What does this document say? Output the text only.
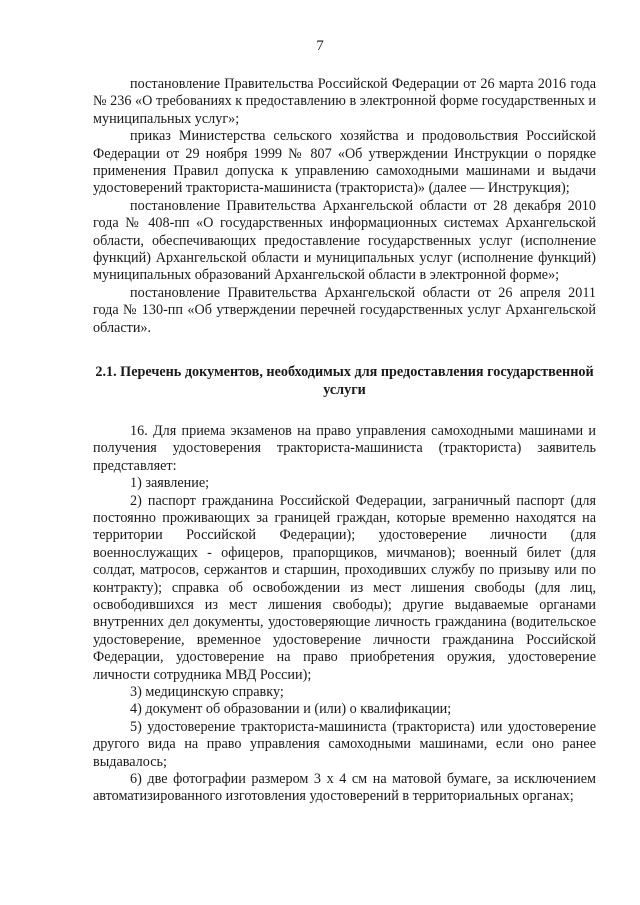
7

постановление Правительства Российской Федерации от 26 марта 2016 года № 236 «О требованиях к предоставлению в электронной форме государственных и муниципальных услуг»;

приказ Министерства сельского хозяйства и продовольствия Российской Федерации от 29 ноября 1999 № 807 «Об утверждении Инструкции о порядке применения Правил допуска к управлению самоходными машинами и выдачи удостоверений тракториста-машиниста (тракториста)» (далее — Инструкция);

постановление Правительства Архангельской области от 28 декабря 2010 года № 408-пп «О государственных информационных системах Архангельской области, обеспечивающих предоставление государственных услуг (исполнение функций) Архангельской области и муниципальных услуг (исполнение функций) муниципальных образований Архангельской области в электронной форме»;

постановление Правительства Архангельской области от 26 апреля 2011 года № 130-пп «Об утверждении перечней государственных услуг Архангельской области».

2.1. Перечень документов, необходимых для предоставления государственной услуги

16. Для приема экзаменов на право управления самоходными машинами и получения удостоверения тракториста-машиниста (тракториста) заявитель представляет:

1) заявление;

2) паспорт гражданина Российской Федерации, заграничный паспорт (для постоянно проживающих за границей граждан, которые временно находятся на территории Российской Федерации); удостоверение личности (для военнослужащих - офицеров, прапорщиков, мичманов); военный билет (для солдат, матросов, сержантов и старшин, проходивших службу по призыву или по контракту); справка об освобождении из мест лишения свободы (для лиц, освободившихся из мест лишения свободы); другие выдаваемые органами внутренних дел документы, удостоверяющие личность гражданина (водительское удостоверение, временное удостоверение личности гражданина Российской Федерации, удостоверение на право приобретения оружия, удостоверение личности сотрудника МВД России);

3) медицинскую справку;

4) документ об образовании и (или) о квалификации;

5) удостоверение тракториста-машиниста (тракториста) или удостоверение другого вида на право управления самоходными машинами, если оно ранее выдавалось;

6) две фотографии размером 3 х 4 см на матовой бумаге, за исключением автоматизированного изготовления удостоверений в территориальных органах;
